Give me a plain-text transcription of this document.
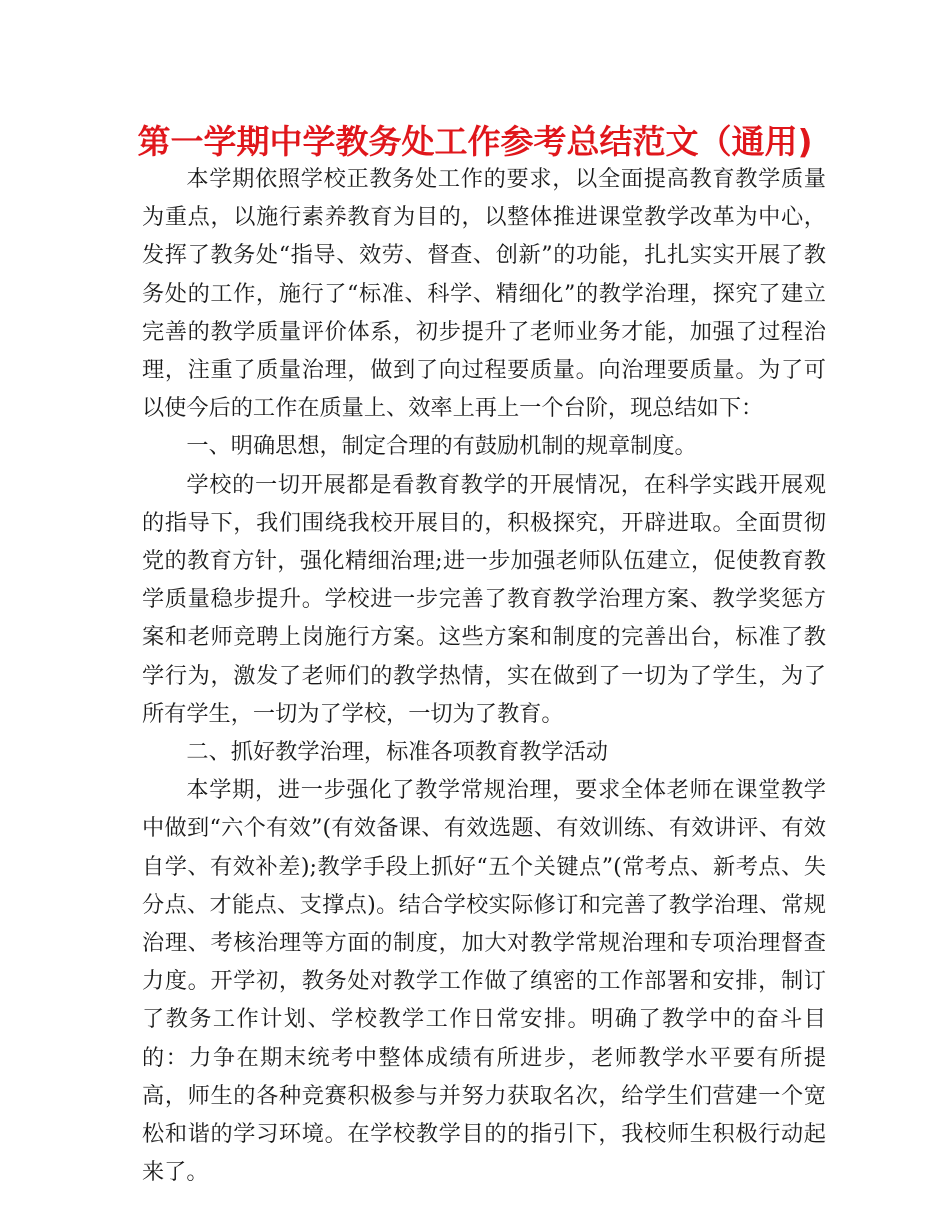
第一学期中学教务处工作参考总结范文（通用)

本学期依照学校正教务处工作的要求，以全面提高教育教学质量为重点，以施行素养教育为目的，以整体推进课堂教学改革为中心，发挥了教务处“指导、效劳、督查、创新”的功能，扎扎实实开展了教务处的工作，施行了“标准、科学、精细化”的教学治理，探究了建立完善的教学质量评价体系，初步提升了老师业务才能，加强了过程治理，注重了质量治理，做到了向过程要质量。向治理要质量。为了可以使今后的工作在质量上、效率上再上一个台阶，现总结如下：

一、明确思想，制定合理的有鼓励机制的规章制度。

学校的一切开展都是看教育教学的开展情况，在科学实践开展观的指导下，我们围绕我校开展目的，积极探究，开辟进取。全面贯彻党的教育方针，强化精细治理;进一步加强老师队伍建立，促使教育教学质量稳步提升。学校进一步完善了教育教学治理方案、教学奖惩方案和老师竞聘上岗施行方案。这些方案和制度的完善出台，标准了教学行为，激发了老师们的教学热情，实在做到了一切为了学生，为了所有学生，一切为了学校，一切为了教育。

二、抓好教学治理，标准各项教育教学活动

本学期，进一步强化了教学常规治理，要求全体老师在课堂教学中做到“六个有效”(有效备课、有效选题、有效训练、有效讲评、有效自学、有效补差);教学手段上抓好“五个关键点”(常考点、新考点、失分点、才能点、支撑点)。结合学校实际修订和完善了教学治理、常规治理、考核治理等方面的制度，加大对教学常规治理和专项治理督查力度。开学初，教务处对教学工作做了缜密的工作部署和安排，制订了教务工作计划、学校教学工作日常安排。明确了教学中的奋斗目的：力争在期末统考中整体成绩有所进步，老师教学水平要有所提高，师生的各种竞赛积极参与并努力获取名次，给学生们营建一个宽松和谐的学习环境。在学校教学目的的指引下，我校师生积极行动起来了。
